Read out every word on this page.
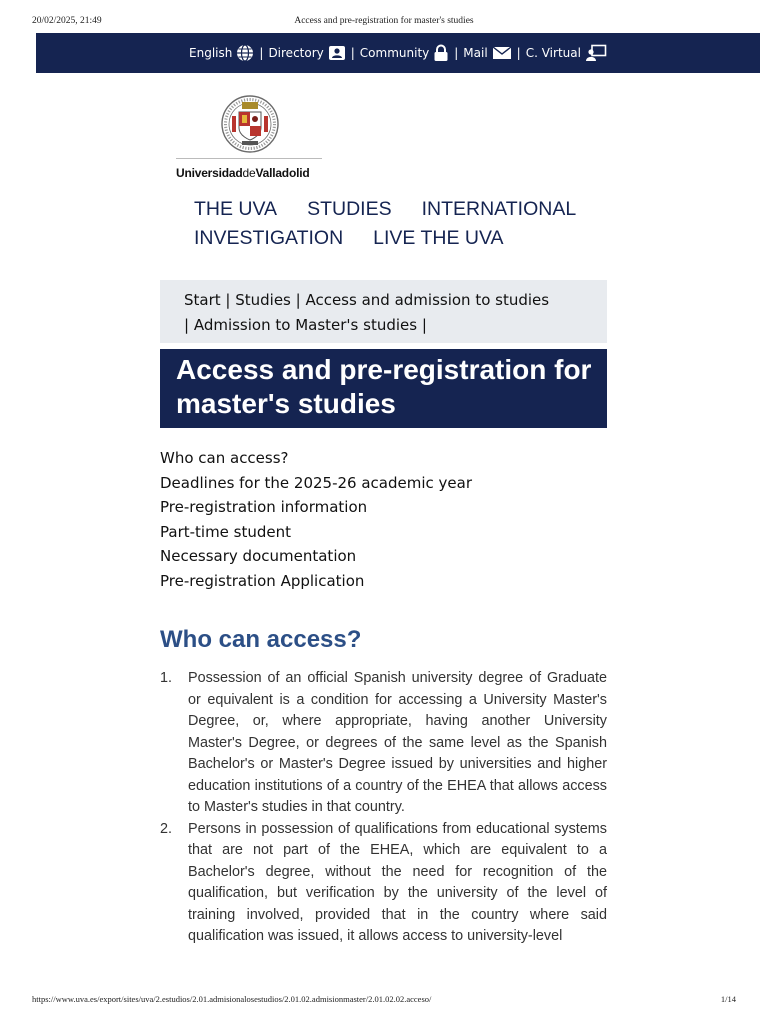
20/02/2025, 21:49	Access and pre-registration for master's studies
English | Directory | Community | Mail | C. Virtual
UniversidaddeValladolid
THE UVA STUDIES INTERNATIONAL
INVESTIGATION LIVE THE UVA
Start | Studies | Access and admission to studies
| Admission to Master's studies |
Access and pre-registration for master's studies
Who can access?
Deadlines for the 2025-26 academic year
Pre-registration information
Part-time student
Necessary documentation
Pre-registration Application
Who can access?
1. Possession of an official Spanish university degree of Graduate or equivalent is a condition for accessing a University Master's Degree, or, where appropriate, having another University Master's Degree, or degrees of the same level as the Spanish Bachelor's or Master's Degree issued by universities and higher education institutions of a country of the EHEA that allows access to Master's studies in that country.
2. Persons in possession of qualifications from educational systems that are not part of the EHEA, which are equivalent to a Bachelor's degree, without the need for recognition of the qualification, but verification by the university of the level of training involved, provided that in the country where said qualification was issued, it allows access to university-level
https://www.uva.es/export/sites/uva/2.estudios/2.01.admisionalosestudios/2.01.02.admisionmaster/2.01.02.02.acceso/	1/14
